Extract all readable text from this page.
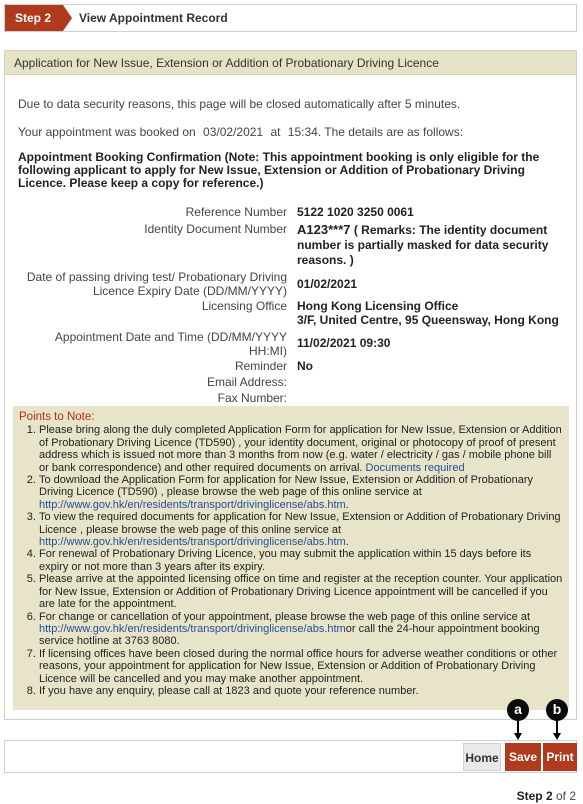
Step 2	View Appointment Record
Application for New Issue, Extension or Addition of Probationary Driving Licence
Due to data security reasons, this page will be closed automatically after 5 minutes.
Your appointment was booked on 03/02/2021 at 15:34. The details are as follows:
Appointment Booking Confirmation (Note: This appointment booking is only eligible for the following applicant to apply for New Issue, Extension or Addition of Probationary Driving Licence. Please keep a copy for reference.)
Reference Number 5122 1020 3250 0061
Identity Document Number A123***7 ( Remarks: The identity document number is partially masked for data security reasons. )
Date of passing driving test/ Probationary Driving
Licence Expiry Date (DD/MM/YYYY) 01/02/2021
Licensing Office Hong Kong Licensing Office
3/F, United Centre, 95 Queensway, Hong Kong
Appointment Date and Time (DD/MM/YYYY
HH:MI)
11/02/2021 09:30
Reminder No
Email Address:
Fax Number:
Points to Note:
1. Please bring along the duly completed Application Form for application for New Issue, Extension or Addition of Probationary Driving Licence (TD590) , your identity document, original or photocopy of proof of present address which is issued not more than 3 months from now (e.g. water / electricity / gas / mobile phone bill or bank correspondence) and other required documents on arrival. Documents required
2. To download the Application Form for application for New Issue, Extension or Addition of Probationary Driving Licence (TD590) , please browse the web page of this online service at
http://www.gov.hk/en/residents/transport/drivinglicense/abs.htm.
3. To view the required documents for application for New Issue, Extension or Addition of Probationary Driving Licence , please browse the web page of this online service at
http://www.gov.hk/en/residents/transport/drivinglicense/abs.htm.
4. For renewal of Probationary Driving Licence, you may submit the application within 15 days before its expiry or not more than 3 years after its expiry.
5. Please arrive at the appointed licensing office on time and register at the reception counter. Your application for New Issue, Extension or Addition of Probationary Driving Licence appointment will be cancelled if you are late for the appointment.
6. For change or cancellation of your appointment, please browse the web page of this online service at
http://www.gov.hk/en/residents/transport/drivinglicense/abs.htmor call the 24-hour appointment booking service hotline at 3763 8080.
7. If licensing offices have been closed during the normal office hours for adverse weather conditions or other reasons, your appointment for application for New Issue, Extension or Addition of Probationary Driving Licence will be cancelled and you may make another appointment.
8. If you have any enquiry, please call at 1823 and quote your reference number.
a	b
Home Save Print
Step 2 of 2
